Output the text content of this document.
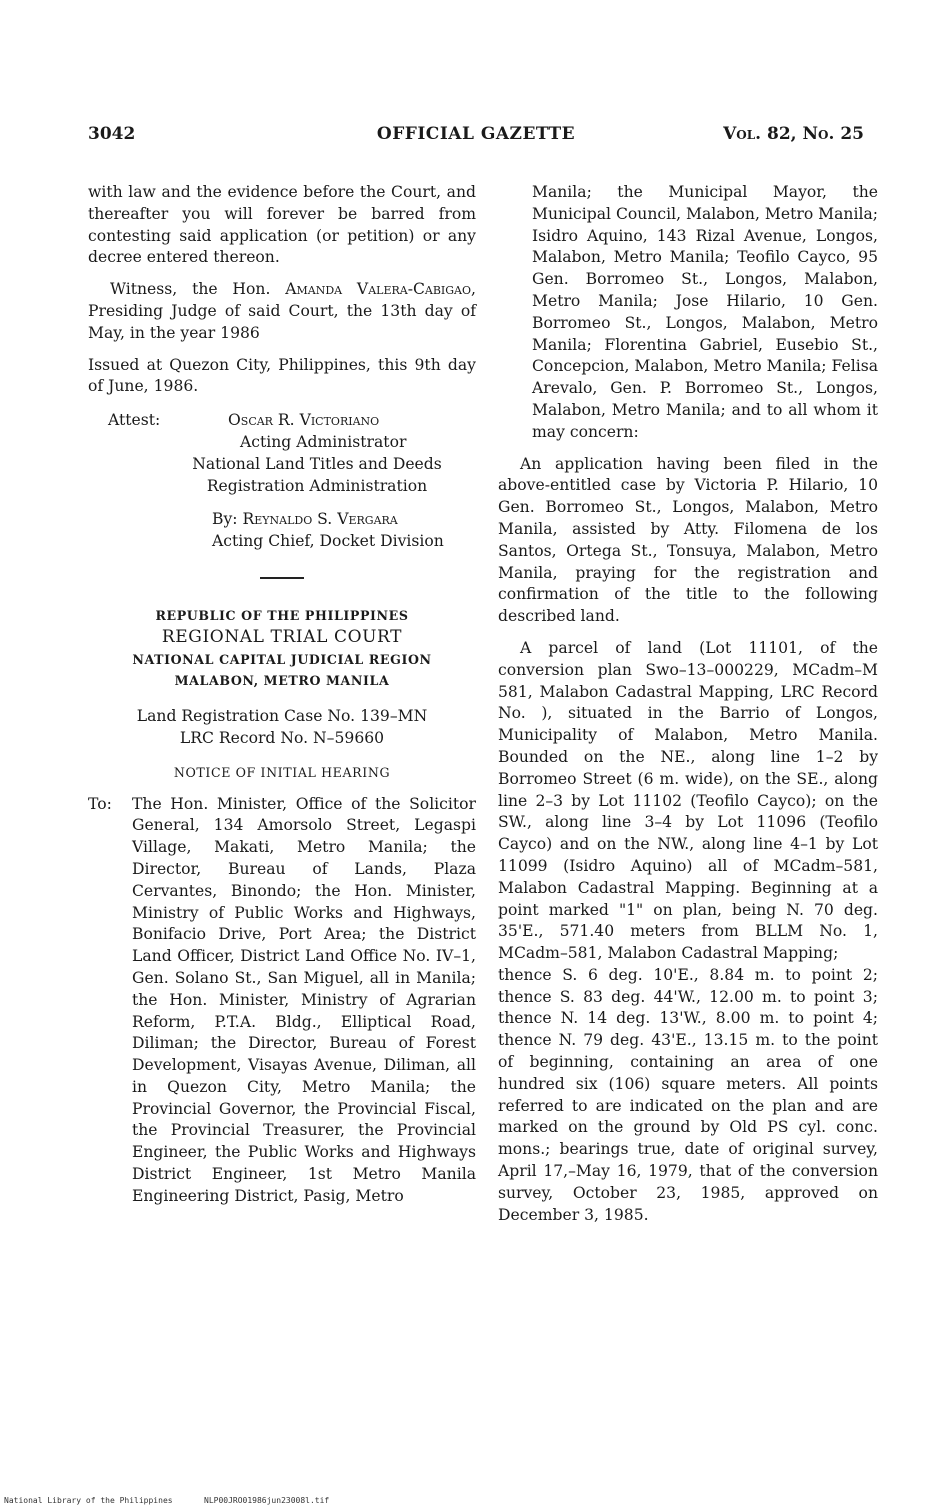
3042	OFFICIAL GAZETTE	Vol. 82, No. 25

with law and the evidence before the Court, and thereafter you will forever be barred from contesting said application (or petition) or any decree entered thereon.

Witness, the Hon. Amanda Valera-Cabigao, Presiding Judge of said Court, the 13th day of May, in the year 1986

Issued at Quezon City, Philippines, this 9th day of June, 1986.

Attest:	Oscar R. Victoriano
Acting Administrator
National Land Titles and Deeds
Registration Administration
By: Reynaldo S. Vergara
Acting Chief, Docket Division
REPUBLIC OF THE PHILIPPINES
REGIONAL TRIAL COURT
NATIONAL CAPITAL JUDICIAL REGION
MALABON, METRO MANILA
Land Registration Case No. 139–MN
LRC Record No. N–59660
NOTICE OF INITIAL HEARING
To:	The Hon. Minister, Office of the Solicitor General, 134 Amorsolo Street, Legaspi Village, Makati, Metro Manila; the Director, Bureau of Lands, Plaza Cervantes, Binondo; the Hon. Minister, Ministry of Public Works and Highways, Bonifacio Drive, Port Area; the District Land Officer, District Land Office No. IV–1, Gen. Solano St., San Miguel, all in Manila; the Hon. Minister, Ministry of Agrarian Reform, P.T.A. Bldg., Elliptical Road, Diliman; the Director, Bureau of Forest Development, Visayas Avenue, Diliman, all in Quezon City, Metro Manila; the Provincial Governor, the Provincial Fiscal, the Provincial Treasurer, the Provincial Engineer, the Public Works and Highways District Engineer, 1st Metro Manila Engineering District, Pasig, Metro

Manila; the Municipal Mayor, the Municipal Council, Malabon, Metro Manila; Isidro Aquino, 143 Rizal Avenue, Longos, Malabon, Metro Manila; Teofilo Cayco, 95 Gen. Borromeo St., Longos, Malabon, Metro Manila; Jose Hilario, 10 Gen. Borromeo St., Longos, Malabon, Metro Manila; Florentina Gabriel, Eusebio St., Concepcion, Malabon, Metro Manila; Felisa Arevalo, Gen. P. Borromeo St., Longos, Malabon, Metro Manila; and to all whom it may concern:

An application having been filed in the above-entitled case by Victoria P. Hilario, 10 Gen. Borromeo St., Longos, Malabon, Metro Manila, assisted by Atty. Filomena de los Santos, Ortega St., Tonsuya, Malabon, Metro Manila, praying for the registration and confirmation of the title to the following described land.

A parcel of land (Lot 11101, of the conversion plan Swo–13–000229, MCadm–M 581, Malabon Cadastral Mapping, LRC Record No. ), situated in the Barrio of Longos, Municipality of Malabon, Metro Manila. Bounded on the NE., along line 1–2 by Borromeo Street (6 m. wide), on the SE., along line 2–3 by Lot 11102 (Teofilo Cayco); on the SW., along line 3–4 by Lot 11096 (Teofilo Cayco) and on the NW., along line 4–1 by Lot 11099 (Isidro Aquino) all of MCadm–581, Malabon Cadastral Mapping. Beginning at a point marked "1" on plan, being N. 70 deg. 35'E., 571.40 meters from BLLM No. 1, MCadm–581, Malabon Cadastral Mapping;

thence S. 6 deg. 10'E., 8.84 m. to point 2; thence S. 83 deg. 44'W., 12.00 m. to point 3; thence N. 14 deg. 13'W., 8.00 m. to point 4; thence N. 79 deg. 43'E., 13.15 m. to the point of beginning, containing an area of one hundred six (106) square meters. All points referred to are indicated on the plan and are marked on the ground by Old PS cyl. conc. mons.; bearings true, date of original survey, April 17,–May 16, 1979, that of the conversion survey, October 23, 1985, approved on December 3, 1985.

National Library of the Philippines	NLP00JRO01986jun23008l.tif
